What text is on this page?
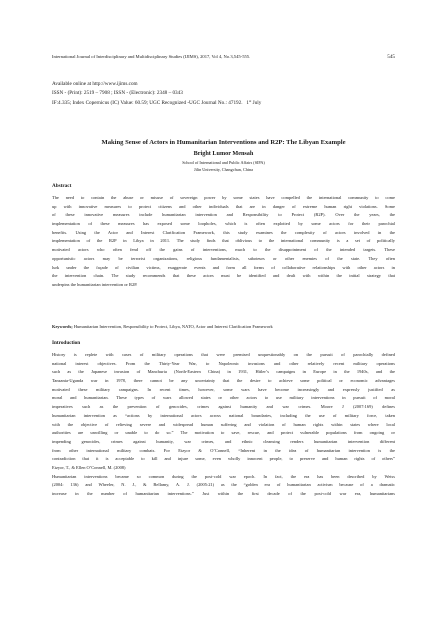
International Journal of Interdisciplinary and Multidisciplinary Studies (IJIMS), 2017, Vol 4, No.3,545-555.	545
Available online at http://www.ijims.com
ISSN - (Print): 2519 – 7908 ; ISSN - (Electronic): 2348 – 0343
IF:4.335; Index Copernicus (IC) Value: 60.59; UGC Recognized -UGC Journal No.: 47192. 1st July
Making Sense of Actors in Humanitarian Interventions and R2P: The Libyan Example
Bright Lumor Mensah
School of International and Public Affairs (SIPA)
Jilin University, Changchun, China
Abstract
The need to contain the abuse or misuse of sovereign power by some states have compelled the international community to come
up with innovative measures to protect citizens and other individuals that are in danger of extreme human right violations. Some
of these innovative measures include humanitarian intervention and Responsibility to Protect (R2P). Over the years, the
implementation of these measures has exposed some loopholes, which is often exploited by some actors for their parochial
benefits. Using the Actor and Interest Clarification Framework, this study examines the complexity of actors involved in the
implementation of the R2P in Libya in 2011. The study finds that oblivious to the international community is a set of politically
motivated actors who often fend off the gains of interventions, much to the disappointment of the intended targets. These
opportunistic actors may be terrorist organizations, religious fundamentalists, saboteurs or other enemies of the state. They often
lurk under the façade of civilian victims, exaggerate events and form all forms of collaborative relationships with other actors in
the intervention chain. The study recommends that these actors must be identified and dealt with within the initial strategy that
underpins the humanitarian intervention or R2P.
Keywords; Humanitarian Intervention, Responsibility to Protect, Libya, NATO, Actor and Interest Clarification Framework
Introduction
History is replete with cases of military operations that were premised unquestionably on the pursuit of parochially defined
national interest objectives. From the Thirty-Year War, to Napoleonic invasions and other relatively recent military operations
such as the Japanese invasion of Manchuria (North-Eastern China) in 1931, Hitler’s campaigns in Europe in the 1940s, and the
Tanzania-Uganda war in 1978, there cannot be any uncertainty that the desire to achieve some political or economic advantages
motivated these military campaigns. In recent times, however, some wars have become increasingly and expressly justified as
moral and humanitarian. These types of wars allowed states or other actors to use military interventions in pursuit of moral
imperatives such as the prevention of genocides, crimes against humanity and war crimes. Moore J (2007:169) defines
humanitarian intervention as “actions by international actors across national boundaries, including the use of military force, taken
with the objective of relieving severe and widespread human suffering and violation of human rights within states where local
authorities are unwilling or unable to do so.” The motivation to save, rescue, and protect vulnerable populations from ongoing or
impending genocides, crimes against humanity, war crimes, and ethnic cleansing renders humanitarian intervention different
from other international military combats. For Etzyor & O’Connell, “Inherent in the idea of humanitarian intervention is the
contradiction that it is acceptable to kill and injure some, even wholly innocent people, to preserve and human rights of others”
Etzyor, T., & Ellen O’Connell, M. (2008)
Humanitarian interventions became so common during the post-cold war epoch. In fact, the era has been described by Weiss
(2004: 136) and Wheeler, N. J., & Bellamy, A. J. (2005:21) as the “golden era of humanitarian activism because of a dramatic
increase in the number of humanitarian interventions.” Just within the first decade of the post-cold war era, humanitarians
